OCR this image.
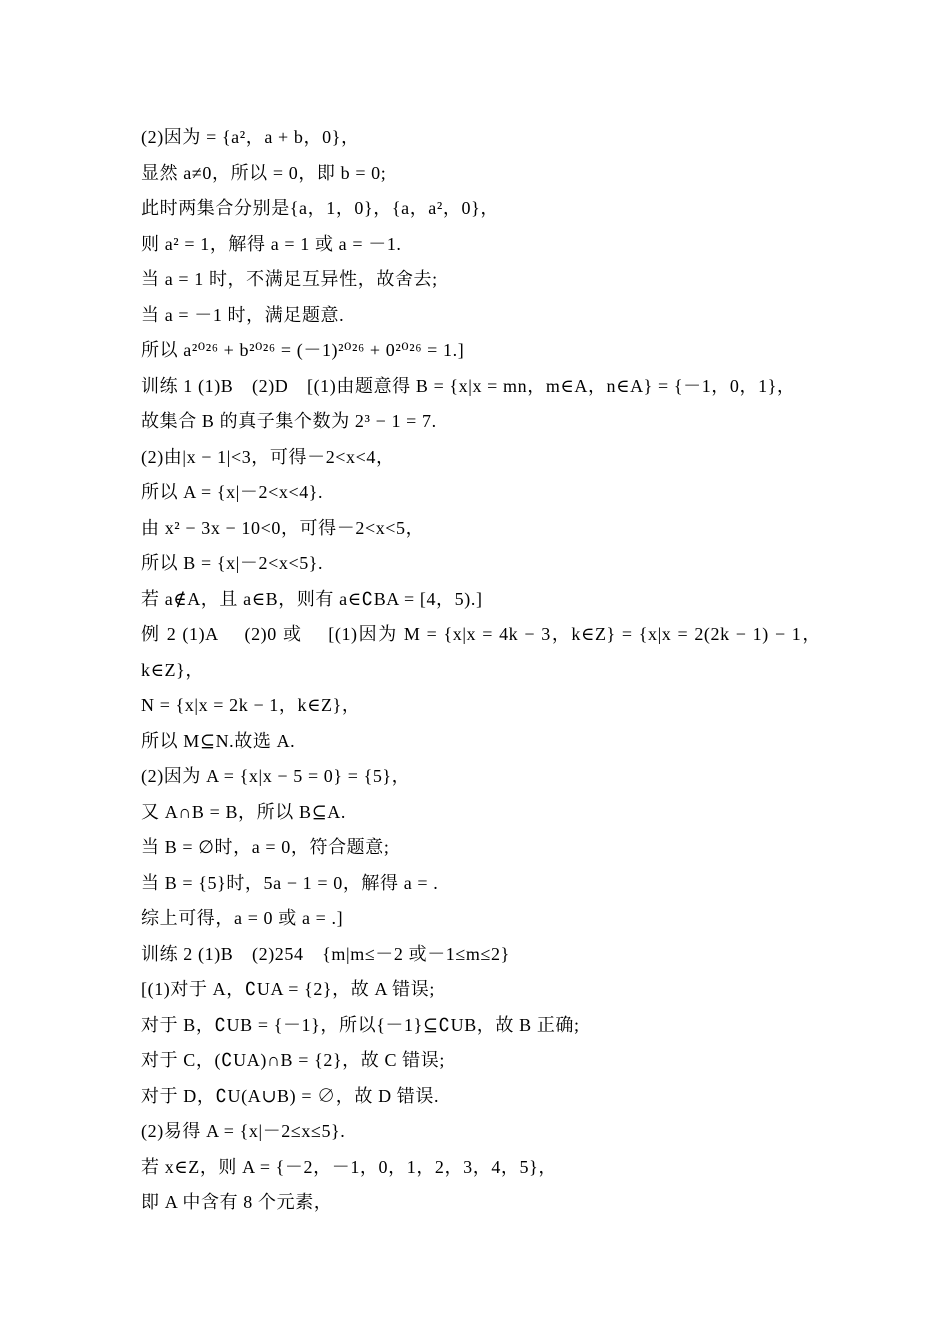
(2)因为 = {a²，a + b，0}，
显然 a≠0，所以 = 0，即 b = 0;
此时两集合分别是{a，1，0}，{a，a²，0}，
则 a² = 1，解得 a = 1 或 a = －1.
当 a = 1 时，不满足互异性，故舍去;
当 a = －1 时，满足题意.
所以 a²⁰²⁶ + b²⁰²⁶ = (－1)²⁰²⁶ + 0²⁰²⁶ = 1.]
训练 1 (1)B　(2)D　[(1)由题意得 B = {x|x = mn，m∈A，n∈A} = {－1，0，1}，
故集合 B 的真子集个数为 2³ − 1 = 7.
(2)由|x − 1|<3，可得－2<x<4，
所以 A = {x|－2<x<4}.
由 x² − 3x − 10<0，可得－2<x<5，
所以 B = {x|－2<x<5}.
若 a∉A，且 a∈B，则有 a∈∁BA = [4，5).]
例 2 (1)A　 (2)0 或　 [(1)因为 M = {x|x = 4k − 3，k∈Z} = {x|x = 2(2k − 1) − 1，k∈Z}，
N = {x|x = 2k − 1，k∈Z}，
所以 M⊆N.故选 A.
(2)因为 A = {x|x − 5 = 0} = {5}，
又 A∩B = B，所以 B⊆A.
当 B = ∅时，a = 0，符合题意;
当 B = {5}时，5a − 1 = 0，解得 a = .
综上可得，a = 0 或 a = .]
训练 2 (1)B　(2)254　{m|m≤－2 或－1≤m≤2}
[(1)对于 A，∁UA = {2}，故 A 错误;
对于 B，∁UB = {－1}，所以{－1}⊆∁UB，故 B 正确;
对于 C，(∁UA)∩B = {2}，故 C 错误;
对于 D，∁U(A∪B) = ∅，故 D 错误.
(2)易得 A = {x|－2≤x≤5}.
若 x∈Z，则 A = {－2，－1，0，1，2，3，4，5}，
即 A 中含有 8 个元素，
